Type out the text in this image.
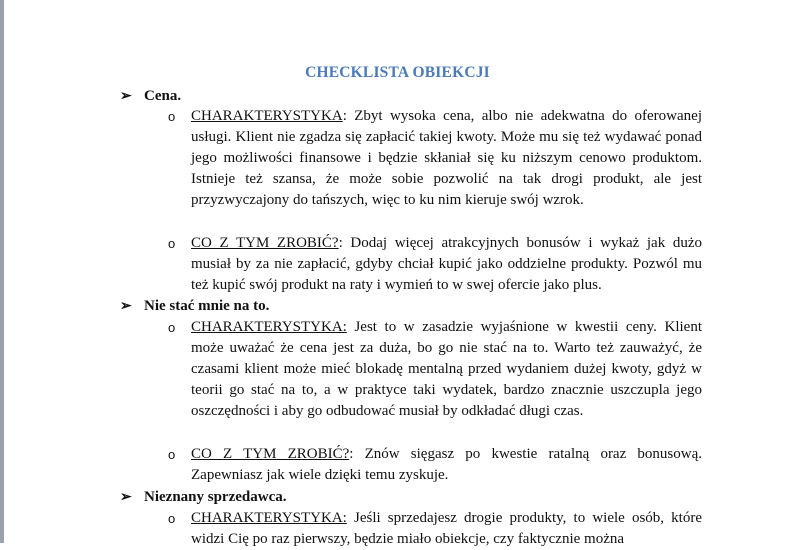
CHECKLISTA OBIEKCJI
➢ Cena.
o CHARAKTERYSTYKA: Zbyt wysoka cena, albo nie adekwatna do oferowanej usługi. Klient nie zgadza się zapłacić takiej kwoty. Może mu się też wydawać ponad jego możliwości finansowe i będzie skłaniał się ku niższym cenowo produktom. Istnieje też szansa, że może sobie pozwolić na tak drogi produkt, ale jest przyzwyczajony do tańszych, więc to ku nim kieruje swój wzrok.
o CO Z TYM ZROBIĆ?: Dodaj więcej atrakcyjnych bonusów i wykaż jak dużo musiał by za nie zapłacić, gdyby chciał kupić jako oddzielne produkty. Pozwól mu też kupić swój produkt na raty i wymień to w swej ofercie jako plus.
➢ Nie stać mnie na to.
o CHARAKTERYSTYKA: Jest to w zasadzie wyjaśnione w kwestii ceny. Klient może uważać że cena jest za duża, bo go nie stać na to. Warto też zauważyć, że czasami klient może mieć blokadę mentalną przed wydaniem dużej kwoty, gdyż w teorii go stać na to, a w praktyce taki wydatek, bardzo znacznie uszczupla jego oszczędności i aby go odbudować musiał by odkładać długi czas.
o CO Z TYM ZROBIĆ?: Znów sięgasz po kwestie ratalną oraz bonusową. Zapewniasz jak wiele dzięki temu zyskuje.
➢ Nieznany sprzedawca.
o CHARAKTERYSTYKA: Jeśli sprzedajesz drogie produkty, to wiele osób, które widzi Cię po raz pierwszy, będzie miało obiekcje, czy faktycznie można
